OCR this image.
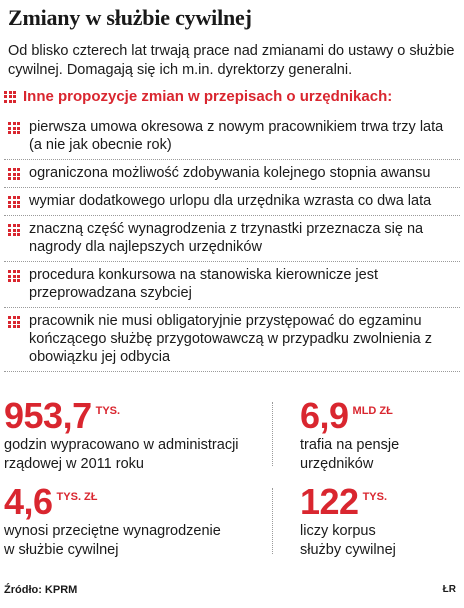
Zmiany w służbie cywilnej

Od blisko czterech lat trwają prace nad zmianami do ustawy o służbie cywilnej. Domagają się ich m.in. dyrektorzy generalni.

Inne propozycje zmian w przepisach o urzędnikach:
pierwsza umowa okresowa z nowym pracownikiem trwa trzy lata (a nie jak obecnie rok)
ograniczona możliwość zdobywania kolejnego stopnia awansu
wymiar dodatkowego urlopu dla urzędnika wzrasta co dwa lata
znaczną część wynagrodzenia z trzynastki przeznacza się na nagrody dla najlepszych urzędników
procedura konkursowa na stanowiska kierownicze jest przeprowadzana szybciej
pracownik nie musi obligatoryjnie przystępować do egzaminu kończącego służbę przygotowawczą w przypadku zwolnienia z obowiązku jej odbycia
953,7 $^{TYS.}$
godzin wypracowano w administracji
rządowej w 2011 roku
6,9 $^{MLD ZŁ}$
trafia na pensje
urzędników
4,6 $^{TYS. ZŁ}$
wynosi przeciętne wynagrodzenie
w służbie cywilnej
122 $^{TYS.}$
liczy korpus
służby cywilnej
Źródło: KPRM	ŁR
